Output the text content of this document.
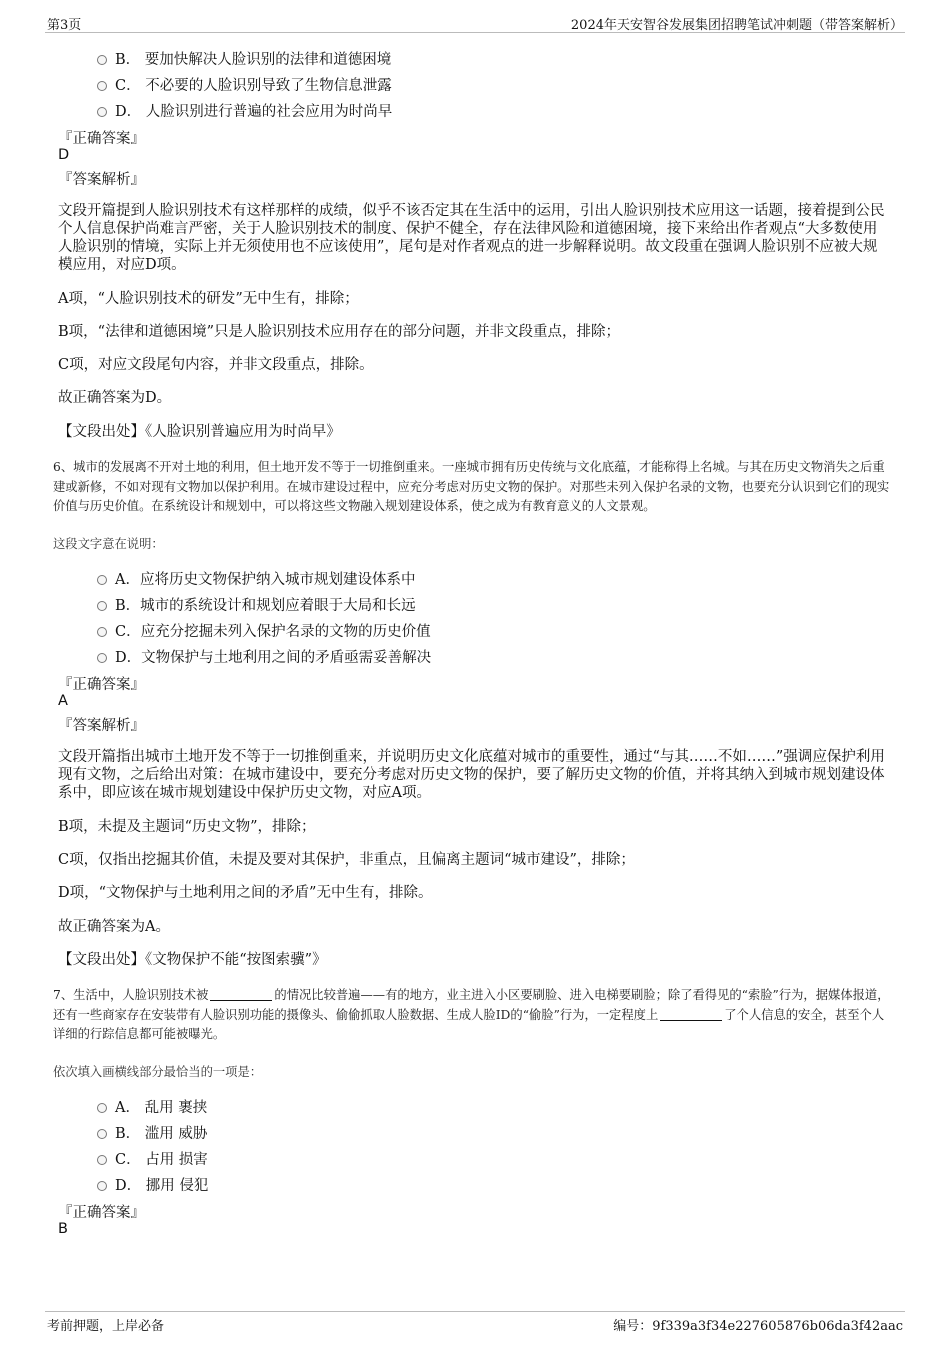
第3页	2024年天安智谷发展集团招聘笔试冲刺题（带答案解析）
B． 要加快解决人脸识别的法律和道德困境
C． 不必要的人脸识别导致了生物信息泄露
D． 人脸识别进行普遍的社会应用为时尚早
『正确答案』
D
『答案解析』
文段开篇提到人脸识别技术有这样那样的成绩，似乎不该否定其在生活中的运用，引出人脸识别技术应用这一话题，接着提到公民个人信息保护尚难言严密，关于人脸识别技术的制度、保护不健全，存在法律风险和道德困境，接下来给出作者观点“大多数使用人脸识别的情境，实际上并无须使用也不应该使用”，尾句是对作者观点的进一步解释说明。故文段重在强调人脸识别不应被大规模应用，对应D项。
A项，“人脸识别技术的研发”无中生有，排除；
B项，“法律和道德困境”只是人脸识别技术应用存在的部分问题，并非文段重点，排除；
C项，对应文段尾句内容，并非文段重点，排除。
故正确答案为D。
【文段出处】《人脸识别普遍应用为时尚早》
6、城市的发展离不开对土地的利用，但土地开发不等于一切推倒重来。一座城市拥有历史传统与文化底蕴，才能称得上名城。与其在历史文物消失之后重建或新修，不如对现有文物加以保护利用。在城市建设过程中，应充分考虑对历史文物的保护。对那些未列入保护名录的文物，也要充分认识到它们的现实价值与历史价值。在系统设计和规划中，可以将这些文物融入规划建设体系，使之成为有教育意义的人文景观。
这段文字意在说明：
A．应将历史文物保护纳入城市规划建设体系中
B．城市的系统设计和规划应着眼于大局和长远
C．应充分挖掘未列入保护名录的文物的历史价值
D．文物保护与土地利用之间的矛盾亟需妥善解决
『正确答案』
A
『答案解析』
文段开篇指出城市土地开发不等于一切推倒重来，并说明历史文化底蕴对城市的重要性，通过“与其……不如……”强调应保护利用现有文物，之后给出对策：在城市建设中，要充分考虑对历史文物的保护，要了解历史文物的价值，并将其纳入到城市规划建设体系中，即应该在城市规划建设中保护历史文物，对应A项。
B项，未提及主题词“历史文物”，排除；
C项，仅指出挖掘其价值，未提及要对其保护，非重点，且偏离主题词“城市建设”，排除；
D项，“文物保护与土地利用之间的矛盾”无中生有，排除。
故正确答案为A。
【文段出处】《文物保护不能“按图索骥”》
7、生活中，人脸识别技术被	的情况比较普遍——有的地方，业主进入小区要刷脸、进入电梯要刷脸；除了看得见的“索脸”行为，据媒体报道，还有一些商家存在安装带有人脸识别功能的摄像头、偷偷抓取人脸数据、生成人脸ID的“偷脸”行为，一定程度上	了个人信息的安全，甚至个人详细的行踪信息都可能被曝光。
依次填入画横线部分最恰当的一项是：
A． 乱用 裹挟
B． 滥用 威胁
C． 占用 损害
D． 挪用 侵犯
『正确答案』
B
考前押题，上岸必备	编号：9f339a3f34e227605876b06da3f42aac
